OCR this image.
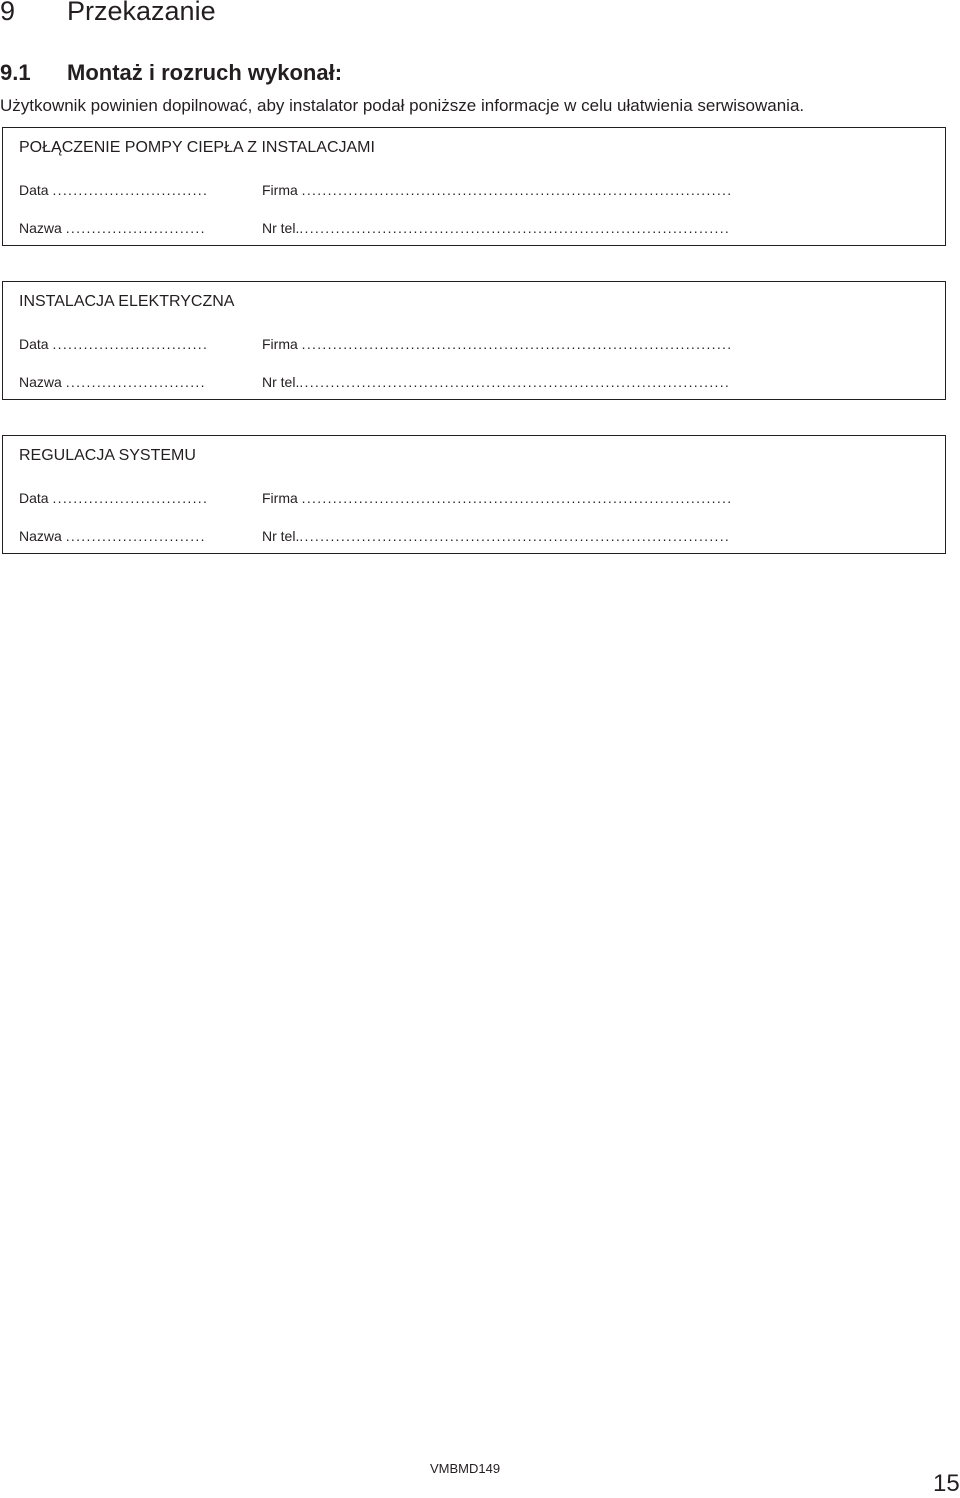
9 Przekazanie
9.1 Montaż i rozruch wykonał:

Użytkownik powinien dopilnować, aby instalator podał poniższe informacje w celu ułatwienia serwisowania.

POŁĄCZENIE POMPY CIEPŁA Z INSTALACJAMI
Data ..............................
Nazwa ...........................
Firma ...................................................................................
Nr tel....................................................................................
INSTALACJA ELEKTRYCZNA
Data ..............................
Nazwa ...........................
Firma ...................................................................................
Nr tel....................................................................................
REGULACJA SYSTEMU
Data ..............................
Nazwa ...........................
Firma ...................................................................................
Nr tel....................................................................................
VMBMD149
15
